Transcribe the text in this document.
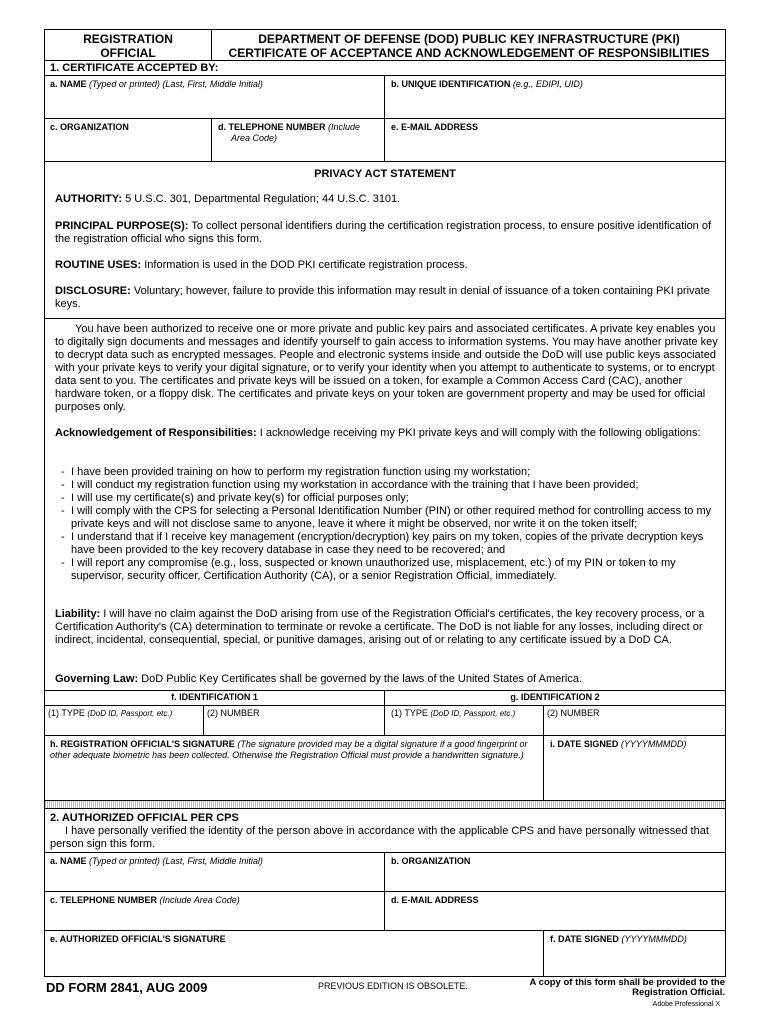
REGISTRATION
OFFICIAL
DEPARTMENT OF DEFENSE (DOD) PUBLIC KEY INFRASTRUCTURE (PKI)
CERTIFICATE OF ACCEPTANCE AND ACKNOWLEDGEMENT OF RESPONSIBILITIES
1. CERTIFICATE ACCEPTED BY:
a. NAME (Typed or printed) (Last, First, Middle Initial)	b. UNIQUE IDENTIFICATION (e.g., EDIPI, UID)
c. ORGANIZATION	d. TELEPHONE NUMBER (Include
Area Code)
e. E-MAIL ADDRESS
PRIVACY ACT STATEMENT
AUTHORITY: 5 U.S.C. 301, Departmental Regulation; 44 U.S.C. 3101.
PRINCIPAL PURPOSE(S): To collect personal identifiers during the certification registration process, to ensure positive identification of the registration official who signs this form.
ROUTINE USES: Information is used in the DOD PKI certificate registration process.
DISCLOSURE: Voluntary; however, failure to provide this information may result in denial of issuance of a token containing PKI private keys.
You have been authorized to receive one or more private and public key pairs and associated certificates. A private key enables you to digitally sign documents and messages and identify yourself to gain access to information systems. You may have another private key to decrypt data such as encrypted messages. People and electronic systems inside and outside the DoD will use public keys associated with your private keys to verify your digital signature, or to verify your identity when you attempt to authenticate to systems, or to encrypt data sent to you. The certificates and private keys will be issued on a token, for example a Common Access Card (CAC), another hardware token, or a floppy disk. The certificates and private keys on your token are government property and may be used for official purposes only.
Acknowledgement of Responsibilities: I acknowledge receiving my PKI private keys and will comply with the following obligations:
- I have been provided training on how to perform my registration function using my workstation;
- I will conduct my registration function using my workstation in accordance with the training that I have been provided;
- I will use my certificate(s) and private key(s) for official purposes only;
- I will comply with the CPS for selecting a Personal Identification Number (PIN) or other required method for controlling access to my private keys and will not disclose same to anyone, leave it where it might be observed, nor write it on the token itself;
- I understand that if I receive key management (encryption/decryption) key pairs on my token, copies of the private decryption keys have been provided to the key recovery database in case they need to be recovered; and
- I will report any compromise (e.g., loss, suspected or known unauthorized use, misplacement, etc.) of my PIN or token to my supervisor, security officer, Certification Authority (CA), or a senior Registration Official, immediately.
Liability: I will have no claim against the DoD arising from use of the Registration Official's certificates, the key recovery process, or a Certification Authority's (CA) determination to terminate or revoke a certificate. The DoD is not liable for any losses, including direct or indirect, incidental, consequential, special, or punitive damages, arising out of or relating to any certificate issued by a DoD CA.
Governing Law: DoD Public Key Certificates shall be governed by the laws of the United States of America.
f. IDENTIFICATION 1	g. IDENTIFICATION 2
(1) TYPE (DoD ID, Passport, etc.)	(2) NUMBER	(1) TYPE (DoD ID, Passport, etc.)	(2) NUMBER
h. REGISTRATION OFFICIAL'S SIGNATURE (The signature provided may be a digital signature if a good fingerprint or other adequate biometric has been collected. Otherwise the Registration Official must provide a handwritten signature.)
i. DATE SIGNED (YYYYMMMDD)
2. AUTHORIZED OFFICIAL PER CPS
I have personally verified the identity of the person above in accordance with the applicable CPS and have personally witnessed that person sign this form.
a. NAME (Typed or printed) (Last, First, Middle Initial)	b. ORGANIZATION
c. TELEPHONE NUMBER (Include Area Code)	d. E-MAIL ADDRESS
e. AUTHORIZED OFFICIAL'S SIGNATURE	f. DATE SIGNED (YYYYMMMDD)
DD FORM 2841, AUG 2009	PREVIOUS EDITION IS OBSOLETE.	A copy of this form shall be provided to the
Registration Official.
Adobe Professional X
